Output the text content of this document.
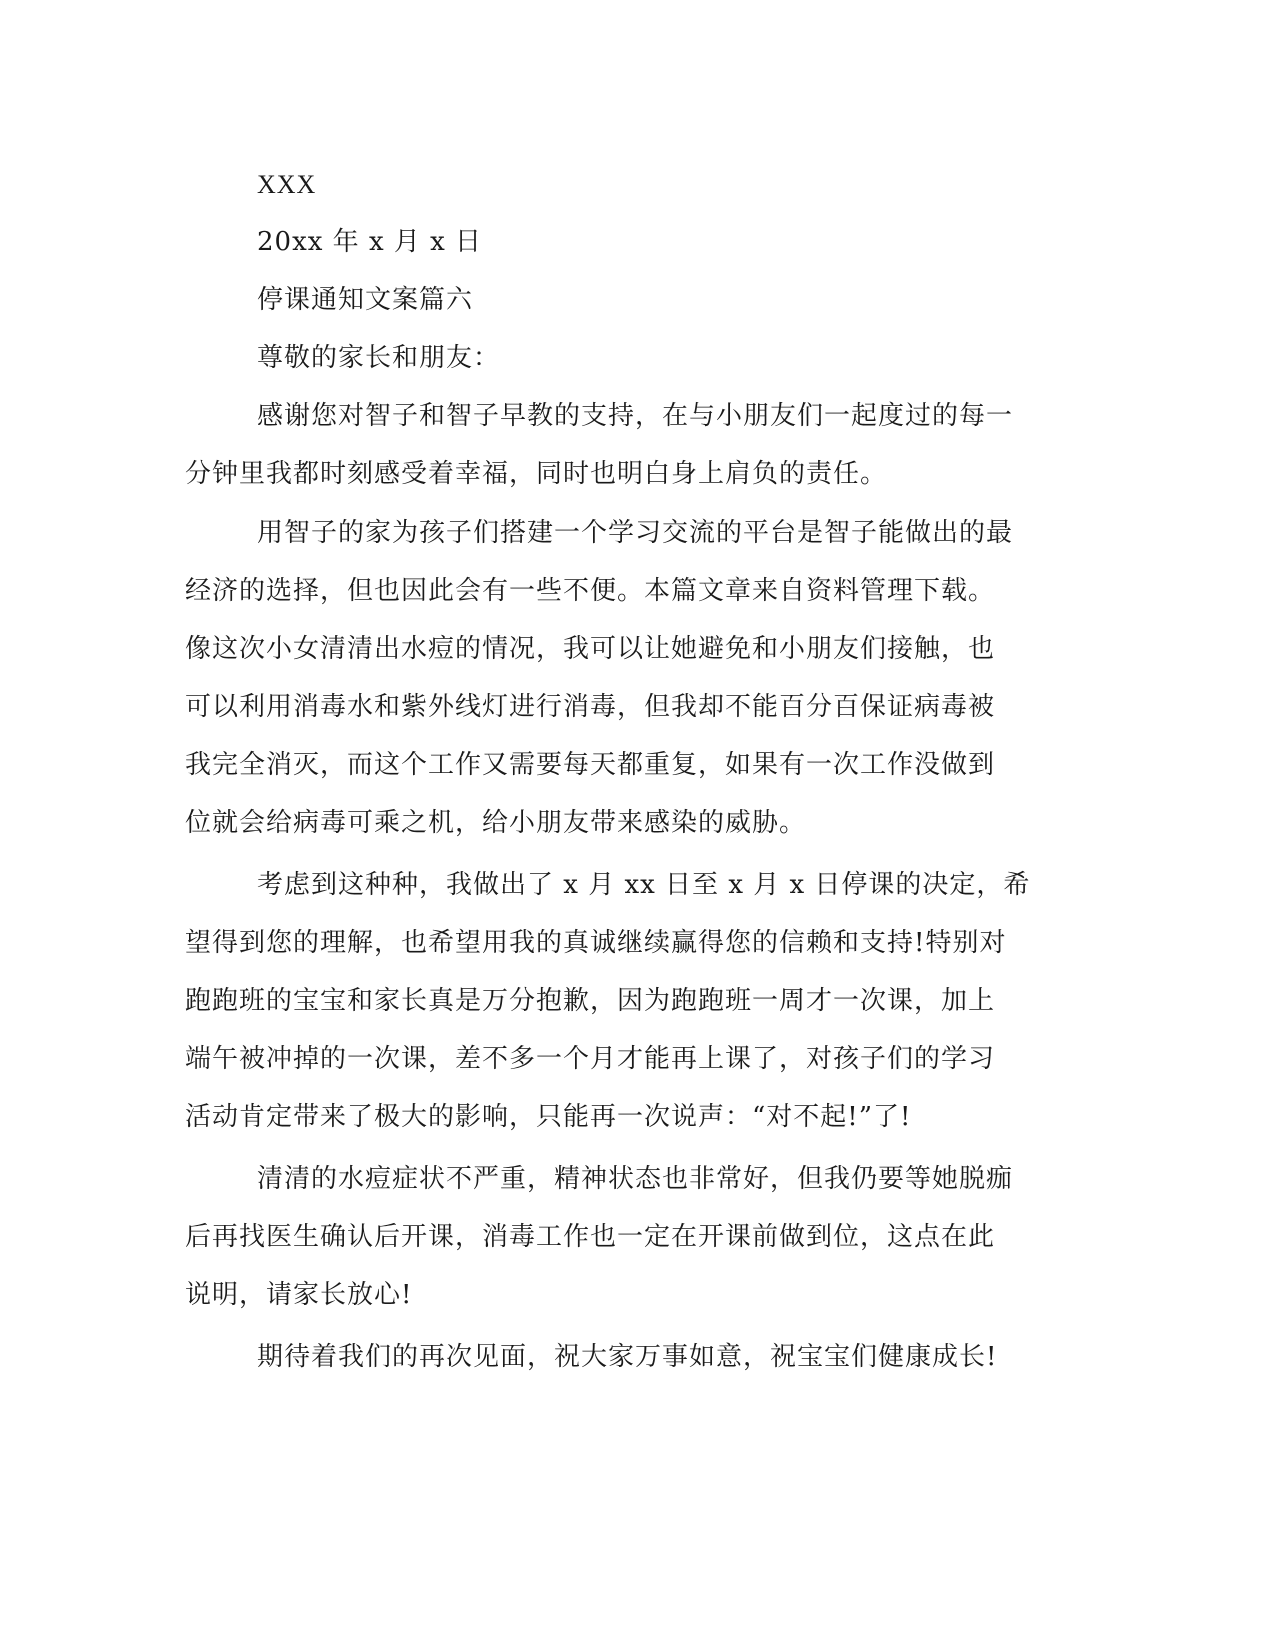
XXX
20xx 年 x 月 x 日
停课通知文案篇六
尊敬的家长和朋友：
感谢您对智子和智子早教的支持，在与小朋友们一起度过的每一
分钟里我都时刻感受着幸福，同时也明白身上肩负的责任。
用智子的家为孩子们搭建一个学习交流的平台是智子能做出的最
经济的选择，但也因此会有一些不便。本篇文章来自资料管理下载。
像这次小女清清出水痘的情况，我可以让她避免和小朋友们接触，也
可以利用消毒水和紫外线灯进行消毒，但我却不能百分百保证病毒被
我完全消灭，而这个工作又需要每天都重复，如果有一次工作没做到
位就会给病毒可乘之机，给小朋友带来感染的威胁。
考虑到这种种，我做出了 x 月 xx 日至 x 月 x 日停课的决定，希
望得到您的理解，也希望用我的真诚继续赢得您的信赖和支持!特别对
跑跑班的宝宝和家长真是万分抱歉，因为跑跑班一周才一次课，加上
端午被冲掉的一次课，差不多一个月才能再上课了，对孩子们的学习
活动肯定带来了极大的影响，只能再一次说声：“对不起!”了!
清清的水痘症状不严重，精神状态也非常好，但我仍要等她脱痂
后再找医生确认后开课，消毒工作也一定在开课前做到位，这点在此
说明，请家长放心!
期待着我们的再次见面，祝大家万事如意，祝宝宝们健康成长!
